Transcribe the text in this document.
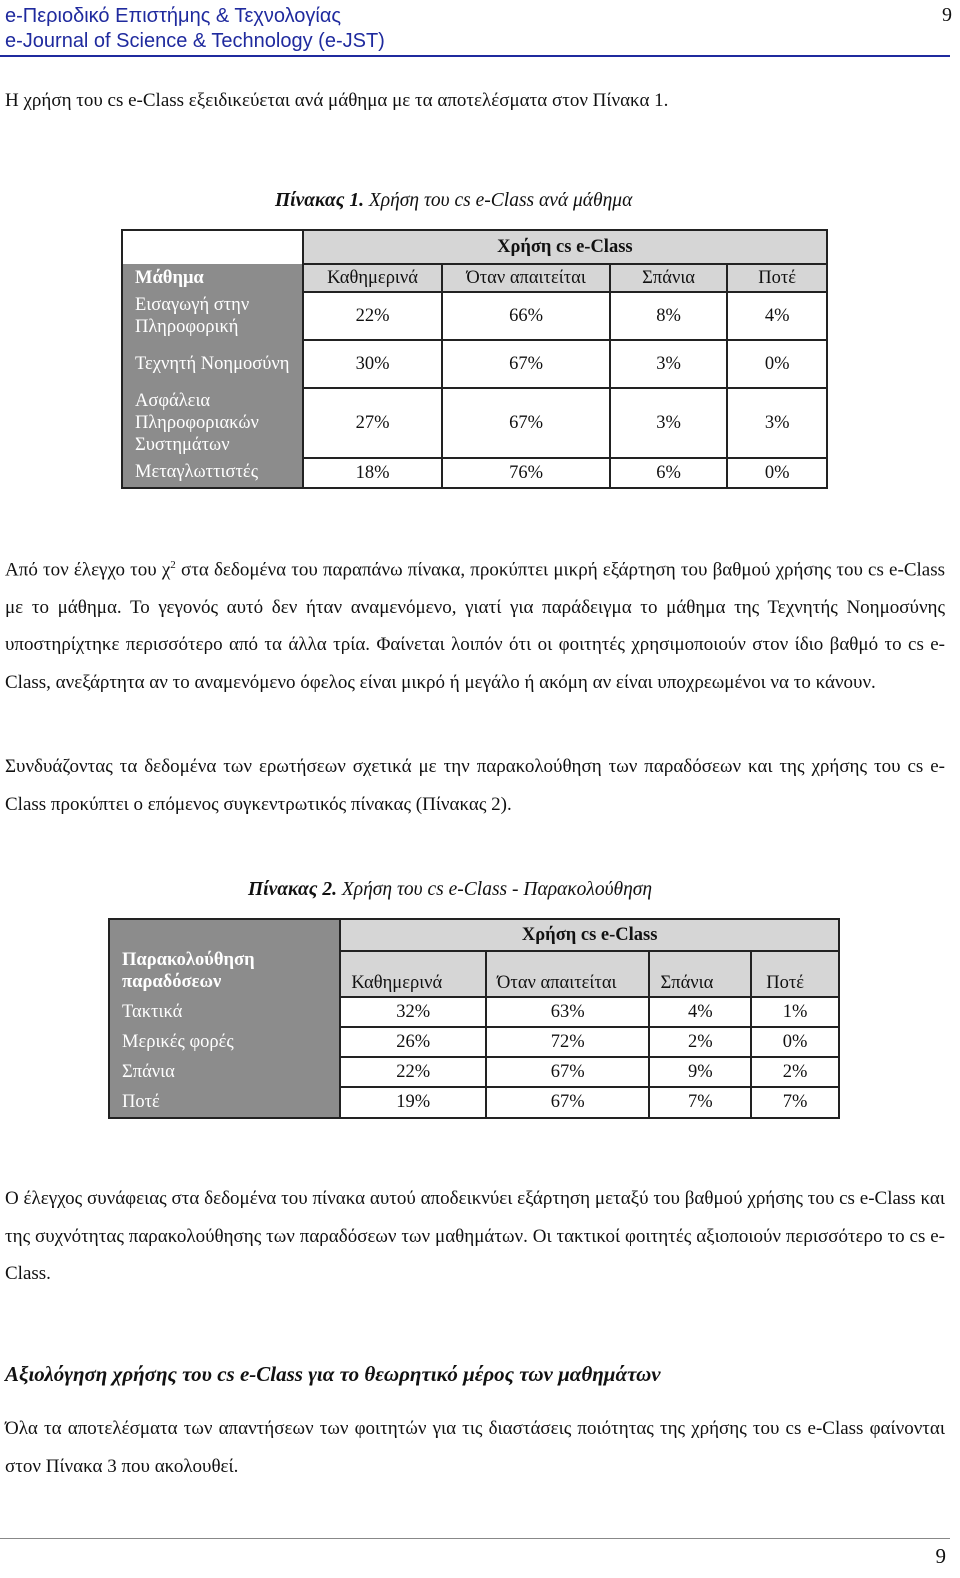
e-Περιοδικό Επιστήμης & Τεχνολογίας
e-Journal of Science & Technology (e-JST)
9

Η χρήση του cs e-Class εξειδικεύεται ανά μάθημα με τα αποτελέσματα στον Πίνακα 1.

Πίνακας 1. Χρήση του cs e-Class ανά μάθημα
	Χρήση cs e-Class			
Μάθημα	Καθημερινά	Όταν απαιτείται	Σπάνια	Ποτέ
Εισαγωγή στην Πληροφορική	22%	66%	8%	4%
Τεχνητή Νοημοσύνη	30%	67%	3%	0%
Ασφάλεια Πληροφοριακών Συστημάτων	27%	67%	3%	3%
Μεταγλωττιστές	18%	76%	6%	0%

Από τον έλεγχο του $\chi^2$ στα δεδομένα του παραπάνω πίνακα, προκύπτει μικρή εξάρτηση του βαθμού χρήσης του cs e-Class με το μάθημα. Το γεγονός αυτό δεν ήταν αναμενόμενο, γιατί για παράδειγμα το μάθημα της Τεχνητής Νοημοσύνης υποστηρίχτηκε περισσότερο από τα άλλα τρία. Φαίνεται λοιπόν ότι οι φοιτητές χρησιμοποιούν στον ίδιο βαθμό το cs e-Class, ανεξάρτητα αν το αναμενόμενο όφελος είναι μικρό ή μεγάλο ή ακόμη αν είναι υποχρεωμένοι να το κάνουν.

Συνδυάζοντας τα δεδομένα των ερωτήσεων σχετικά με την παρακολούθηση των παραδόσεων και της χρήσης του cs e-Class προκύπτει ο επόμενος συγκεντρωτικός πίνακας (Πίνακας 2).

Πίνακας 2. Χρήση του cs e-Class - Παρακολούθηση
Παρακολούθηση
παραδόσεων	Χρήση cs e-Class			
	Καθημερινά	Όταν απαιτείται	Σπάνια	Ποτέ
Τακτικά	32%	63%	4%	1%
Μερικές φορές	26%	72%	2%	0%
Σπάνια	22%	67%	9%	2%
Ποτέ	19%	67%	7%	7%

Ο έλεγχος συνάφειας στα δεδομένα του πίνακα αυτού αποδεικνύει εξάρτηση μεταξύ του βαθμού χρήσης του cs e-Class και της συχνότητας παρακολούθησης των παραδόσεων των μαθημάτων. Οι τακτικοί φοιτητές αξιοποιούν περισσότερο το cs e-Class.

Αξιολόγηση χρήσης του cs e-Class για το θεωρητικό μέρος των μαθημάτων

Όλα τα αποτελέσματα των απαντήσεων των φοιτητών για τις διαστάσεις ποιότητας της χρήσης του cs e-Class φαίνονται στον Πίνακα 3 που ακολουθεί.

9
